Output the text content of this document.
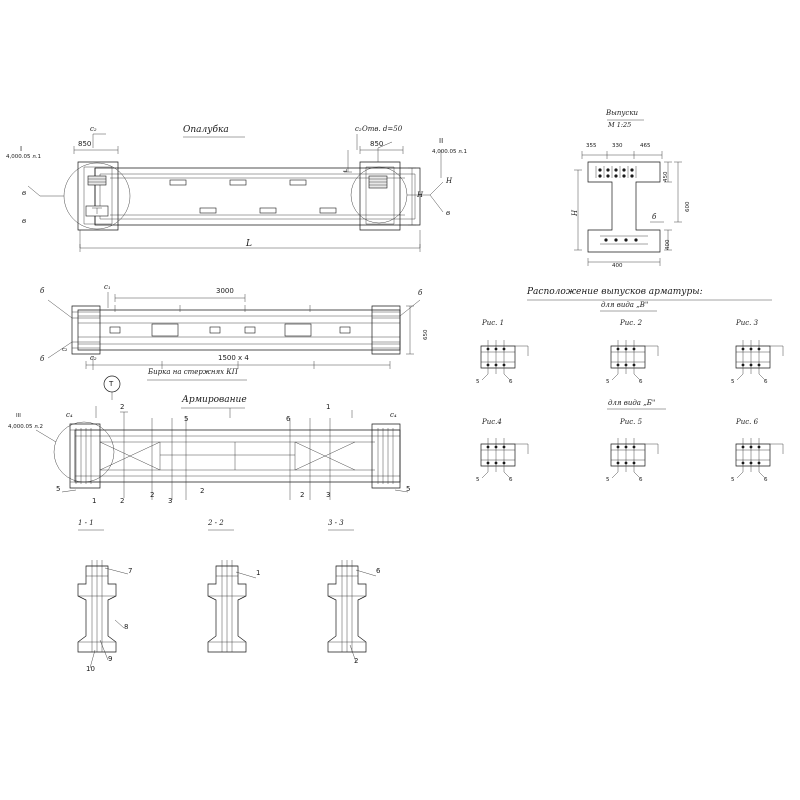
Опалубка	Отв. d=50
850	850
L
H
c₂	c₂
II
I
4,000.05 л.1
4,000.05 л.1
в
в
H
в
L
3000
1500 x 4
650
c₁
c₂
б
б
б
c₂
Армирование
Бирка на стержнях КП
Т
4,000.05 л.2
III	c₄	c₄
1
2
5	6
5	5
1	2
2
3
2	2	3
1 - 1	2 - 2	3 - 3
7
8
9
10
1	6
2
Выпуски
М 1:25
355	330	465
450
600
400
400
H
б
Расположение выпусков арматуры:
для вида „В"
для вида „Б"
Рис. 1	Рис. 2	Рис. 3
Рис.4	Рис. 5	Рис. 6
5	6	5	6	5	6
5	6	5	6	5	6
